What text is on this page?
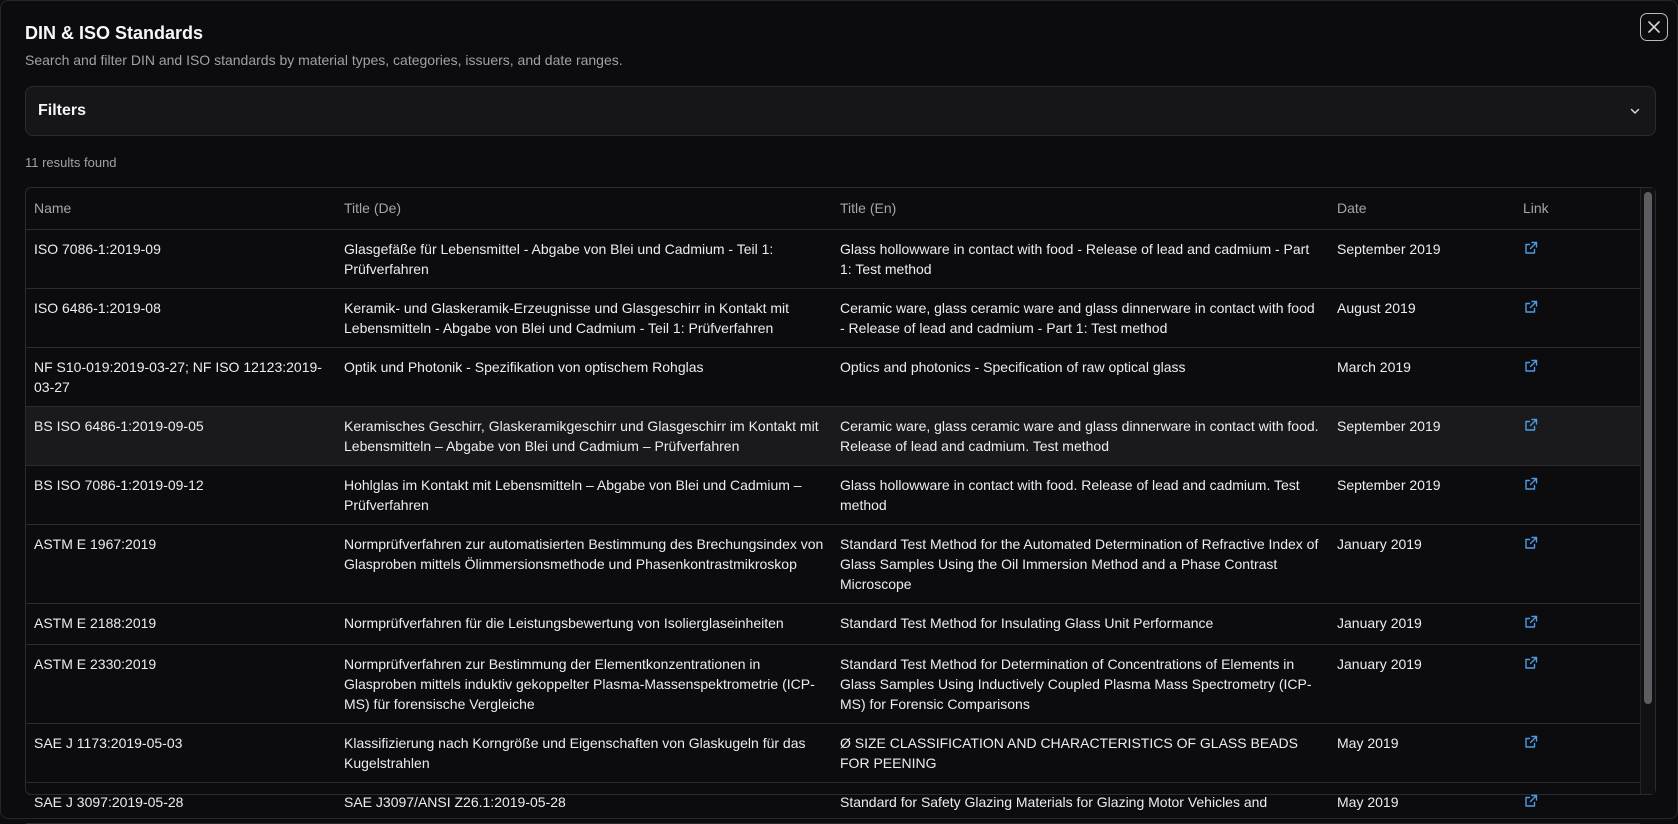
DIN & ISO Standards
Search and filter DIN and ISO standards by material types, categories, issuers, and date ranges.
Filters
11 results found
Name	Title (De)	Title (En)	Date	Link
ISO 7086-1:2019-09	Glasgefäße für Lebensmittel - Abgabe von Blei und Cadmium - Teil 1: Prüfverfahren	Glass hollowware in contact with food - Release of lead and cadmium - Part 1: Test method	September 2019	
ISO 6486-1:2019-08	Keramik- und Glaskeramik-Erzeugnisse und Glasgeschirr in Kontakt mit Lebensmitteln - Abgabe von Blei und Cadmium - Teil 1: Prüfverfahren	Ceramic ware, glass ceramic ware and glass dinnerware in contact with food - Release of lead and cadmium - Part 1: Test method	August 2019	
NF S10-019:2019-03-27; NF ISO 12123:2019-03-27	Optik und Photonik - Spezifikation von optischem Rohglas	Optics and photonics - Specification of raw optical glass	March 2019	
BS ISO 6486-1:2019-09-05	Keramisches Geschirr, Glaskeramikgeschirr und Glasgeschirr im Kontakt mit Lebensmitteln – Abgabe von Blei und Cadmium – Prüfverfahren	Ceramic ware, glass ceramic ware and glass dinnerware in contact with food. Release of lead and cadmium. Test method	September 2019	
BS ISO 7086-1:2019-09-12	Hohlglas im Kontakt mit Lebensmitteln – Abgabe von Blei und Cadmium – Prüfverfahren	Glass hollowware in contact with food. Release of lead and cadmium. Test method	September 2019	
ASTM E 1967:2019	Normprüfverfahren zur automatisierten Bestimmung des Brechungsindex von Glasproben mittels Ölimmersionsmethode und Phasenkontrastmikroskop	Standard Test Method for the Automated Determination of Refractive Index of Glass Samples Using the Oil Immersion Method and a Phase Contrast Microscope	January 2019	
ASTM E 2188:2019	Normprüfverfahren für die Leistungsbewertung von Isolierglaseinheiten	Standard Test Method for Insulating Glass Unit Performance	January 2019	
ASTM E 2330:2019	Normprüfverfahren zur Bestimmung der Elementkonzentrationen in Glasproben mittels induktiv gekoppelter Plasma-Massenspektrometrie (ICP-MS) für forensische Vergleiche	Standard Test Method for Determination of Concentrations of Elements in Glass Samples Using Inductively Coupled Plasma Mass Spectrometry (ICP-MS) for Forensic Comparisons	January 2019	
SAE J 1173:2019-05-03	Klassifizierung nach Korngröße und Eigenschaften von Glaskugeln für das Kugelstrahlen	Ø SIZE CLASSIFICATION AND CHARACTERISTICS OF GLASS BEADS FOR PEENING	May 2019	
SAE J 3097:2019-05-28	SAE J3097/ANSI Z26.1:2019-05-28	Standard for Safety Glazing Materials for Glazing Motor Vehicles and	May 2019	
